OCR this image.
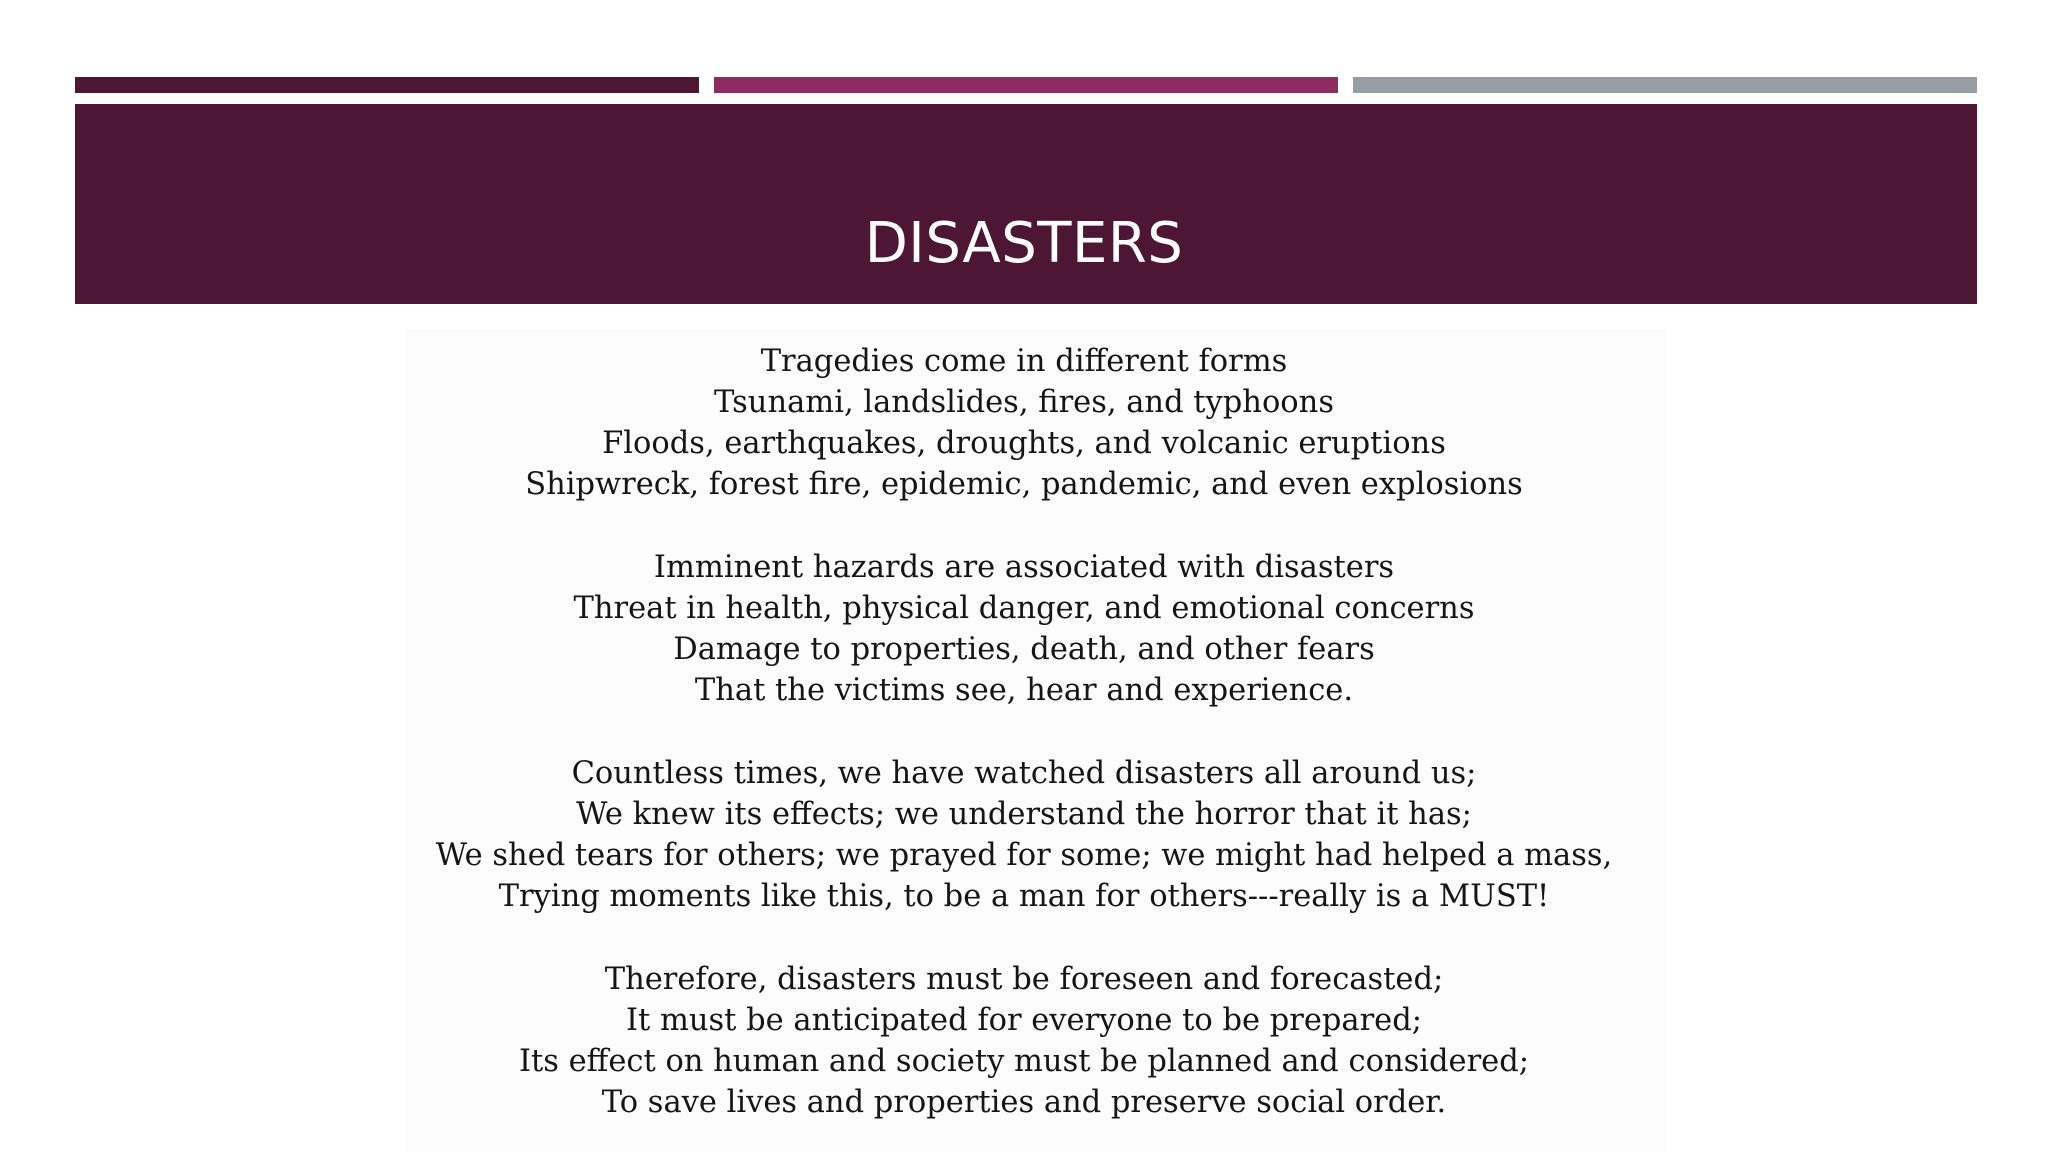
DISASTERS
Tragedies come in different forms
Tsunami, landslides, fires, and typhoons
Floods, earthquakes, droughts, and volcanic eruptions
Shipwreck, forest fire, epidemic, pandemic, and even explosions
Imminent hazards are associated with disasters
Threat in health, physical danger, and emotional concerns
Damage to properties, death, and other fears
That the victims see, hear and experience.
Countless times, we have watched disasters all around us;
We knew its effects; we understand the horror that it has;
We shed tears for others; we prayed for some; we might had helped a mass,
Trying moments like this, to be a man for others---really is a MUST!
Therefore, disasters must be foreseen and forecasted;
It must be anticipated for everyone to be prepared;
Its effect on human and society must be planned and considered;
To save lives and properties and preserve social order.
